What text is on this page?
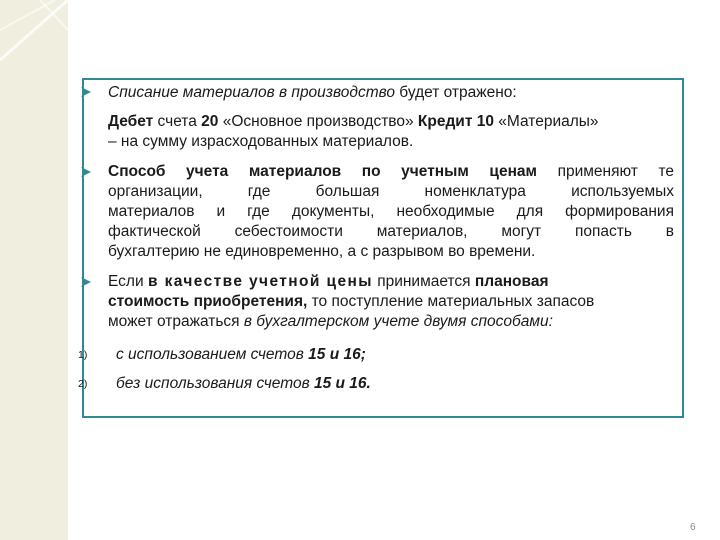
Списание материалов в производство будет отражено:
Дебет счета 20 «Основное производство» Кредит 10 «Материалы»
– на сумму израсходованных материалов.
Способ учета материалов по учетным ценам применяют те
организации, где большая номенклатура используемых
материалов и где документы, необходимые для формирования
фактической себестоимости материалов, могут попасть в
бухгалтерию не единовременно, а с разрывом во времени.
Если в качестве учетной цены принимается плановая
стоимость приобретения, то поступление материальных запасов
может отражаться в бухгалтерском учете двумя способами:
1) с использованием счетов 15 и 16;
2) без использования счетов 15 и 16.
6
